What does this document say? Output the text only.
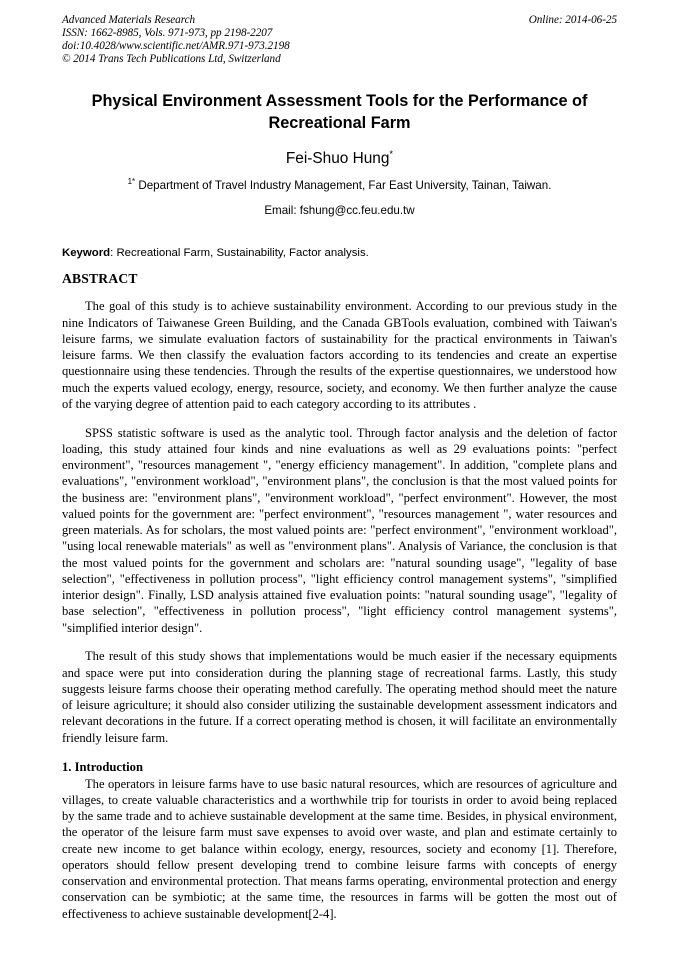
Advanced Materials Research
ISSN: 1662-8985, Vols. 971-973, pp 2198-2207
doi:10.4028/www.scientific.net/AMR.971-973.2198
© 2014 Trans Tech Publications Ltd, Switzerland
Online: 2014-06-25
Physical Environment Assessment Tools for the Performance of Recreational Farm
Fei-Shuo Hung*
$^{1*}$ Department of Travel Industry Management, Far East University, Tainan, Taiwan.
Email: fshung@cc.feu.edu.tw
Keyword: Recreational Farm, Sustainability, Factor analysis.
ABSTRACT

The goal of this study is to achieve sustainability environment. According to our previous study in the nine Indicators of Taiwanese Green Building, and the Canada GBTools evaluation, combined with Taiwan's leisure farms, we simulate evaluation factors of sustainability for the practical environments in Taiwan's leisure farms. We then classify the evaluation factors according to its tendencies and create an expertise questionnaire using these tendencies. Through the results of the expertise questionnaires, we understood how much the experts valued ecology, energy, resource, society, and economy. We then further analyze the cause of the varying degree of attention paid to each category according to its attributes .

SPSS statistic software is used as the analytic tool. Through factor analysis and the deletion of factor loading, this study attained four kinds and nine evaluations as well as 29 evaluations points: "perfect environment", "resources management ", "energy efficiency management". In addition, "complete plans and evaluations", "environment workload", "environment plans", the conclusion is that the most valued points for the business are: "environment plans", "environment workload", "perfect environment". However, the most valued points for the government are: "perfect environment", "resources management ", water resources and green materials. As for scholars, the most valued points are: "perfect environment", "environment workload", "using local renewable materials" as well as "environment plans". Analysis of Variance, the conclusion is that the most valued points for the government and scholars are: "natural sounding usage", "legality of base selection", "effectiveness in pollution process", "light efficiency control management systems", "simplified interior design". Finally, LSD analysis attained five evaluation points: "natural sounding usage", "legality of base selection", "effectiveness in pollution process", "light efficiency control management systems", "simplified interior design".

The result of this study shows that implementations would be much easier if the necessary equipments and space were put into consideration during the planning stage of recreational farms. Lastly, this study suggests leisure farms choose their operating method carefully. The operating method should meet the nature of leisure agriculture; it should also consider utilizing the sustainable development assessment indicators and relevant decorations in the future. If a correct operating method is chosen, it will facilitate an environmentally friendly leisure farm.

1. Introduction

The operators in leisure farms have to use basic natural resources, which are resources of agriculture and villages, to create valuable characteristics and a worthwhile trip for tourists in order to avoid being replaced by the same trade and to achieve sustainable development at the same time. Besides, in physical environment, the operator of the leisure farm must save expenses to avoid over waste, and plan and estimate certainly to create new income to get balance within ecology, energy, resources, society and economy [1]. Therefore, operators should fellow present developing trend to combine leisure farms with concepts of energy conservation and environmental protection. That means farms operating, environmental protection and energy conservation can be symbiotic; at the same time, the resources in farms will be gotten the most out of effectiveness to achieve sustainable development[2-4].
